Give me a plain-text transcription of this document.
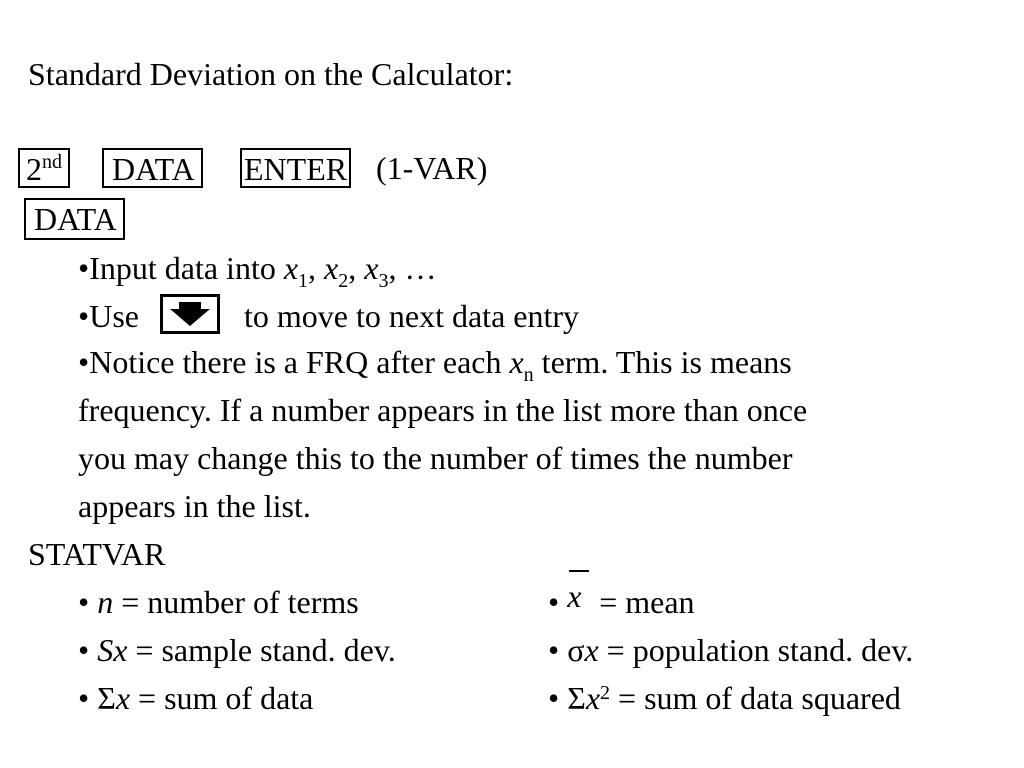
Standard Deviation on the Calculator:
2nd	DATA ENTER (1-VAR)
DATA
•Input data into $x_1$, $x_2$, $x_3$, …
•Use	to move to next data entry
•Notice there is a FRQ after each $x_n$ term. This is means
frequency. If a number appears in the list more than once
you may change this to the number of times the number
appears in the list.
STATVAR
• n = number of terms
• Sx = sample stand. dev.
• Σx = sum of data
• x = mean
• σx = population stand. dev.
• $\Sigma x^2$ = sum of data squared
